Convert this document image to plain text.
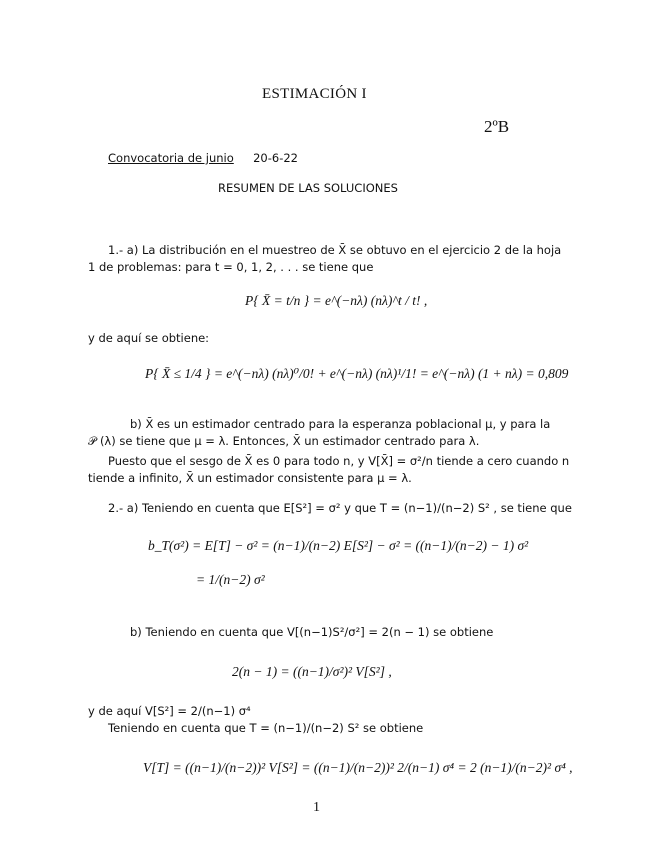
ESTIMACIÓN I
2ºB
Convocatoria de junio 20-6-22
RESUMEN DE LAS SOLUCIONES
1.- a) La distribución en el muestreo de X̄ se obtuvo en el ejercicio 2 de la hoja
1 de problemas: para t = 0, 1, 2, . . . se tiene que
P{ X̄ = t/n } = e^(−nλ) (nλ)^t / t! ,
y de aquí se obtiene:
P{ X̄ ≤ 1/4 } = e^(−nλ) (nλ)⁰/0! + e^(−nλ) (nλ)¹/1! = e^(−nλ) (1 + nλ) = 0,809
b) X̄ es un estimador centrado para la esperanza poblacional μ, y para la
𝒫 (λ) se tiene que μ = λ. Entonces, X̄ un estimador centrado para λ.
Puesto que el sesgo de X̄ es 0 para todo n, y V[X̄] = σ²/n tiende a cero cuando n
tiende a infinito, X̄ un estimador consistente para μ = λ.
2.- a) Teniendo en cuenta que E[S²] = σ² y que T = (n−1)/(n−2) S² , se tiene que
b_T(σ²) = E[T] − σ² = (n−1)/(n−2) E[S²] − σ² = ((n−1)/(n−2) − 1) σ²
= 1/(n−2) σ²
b) Teniendo en cuenta que V[(n−1)S²/σ²] = 2(n − 1) se obtiene
2(n − 1) = ((n−1)/σ²)² V[S²] ,
y de aquí V[S²] = 2/(n−1) σ⁴
Teniendo en cuenta que T = (n−1)/(n−2) S² se obtiene
V[T] = ((n−1)/(n−2))² V[S²] = ((n−1)/(n−2))² 2/(n−1) σ⁴ = 2 (n−1)/(n−2)² σ⁴ ,
1
